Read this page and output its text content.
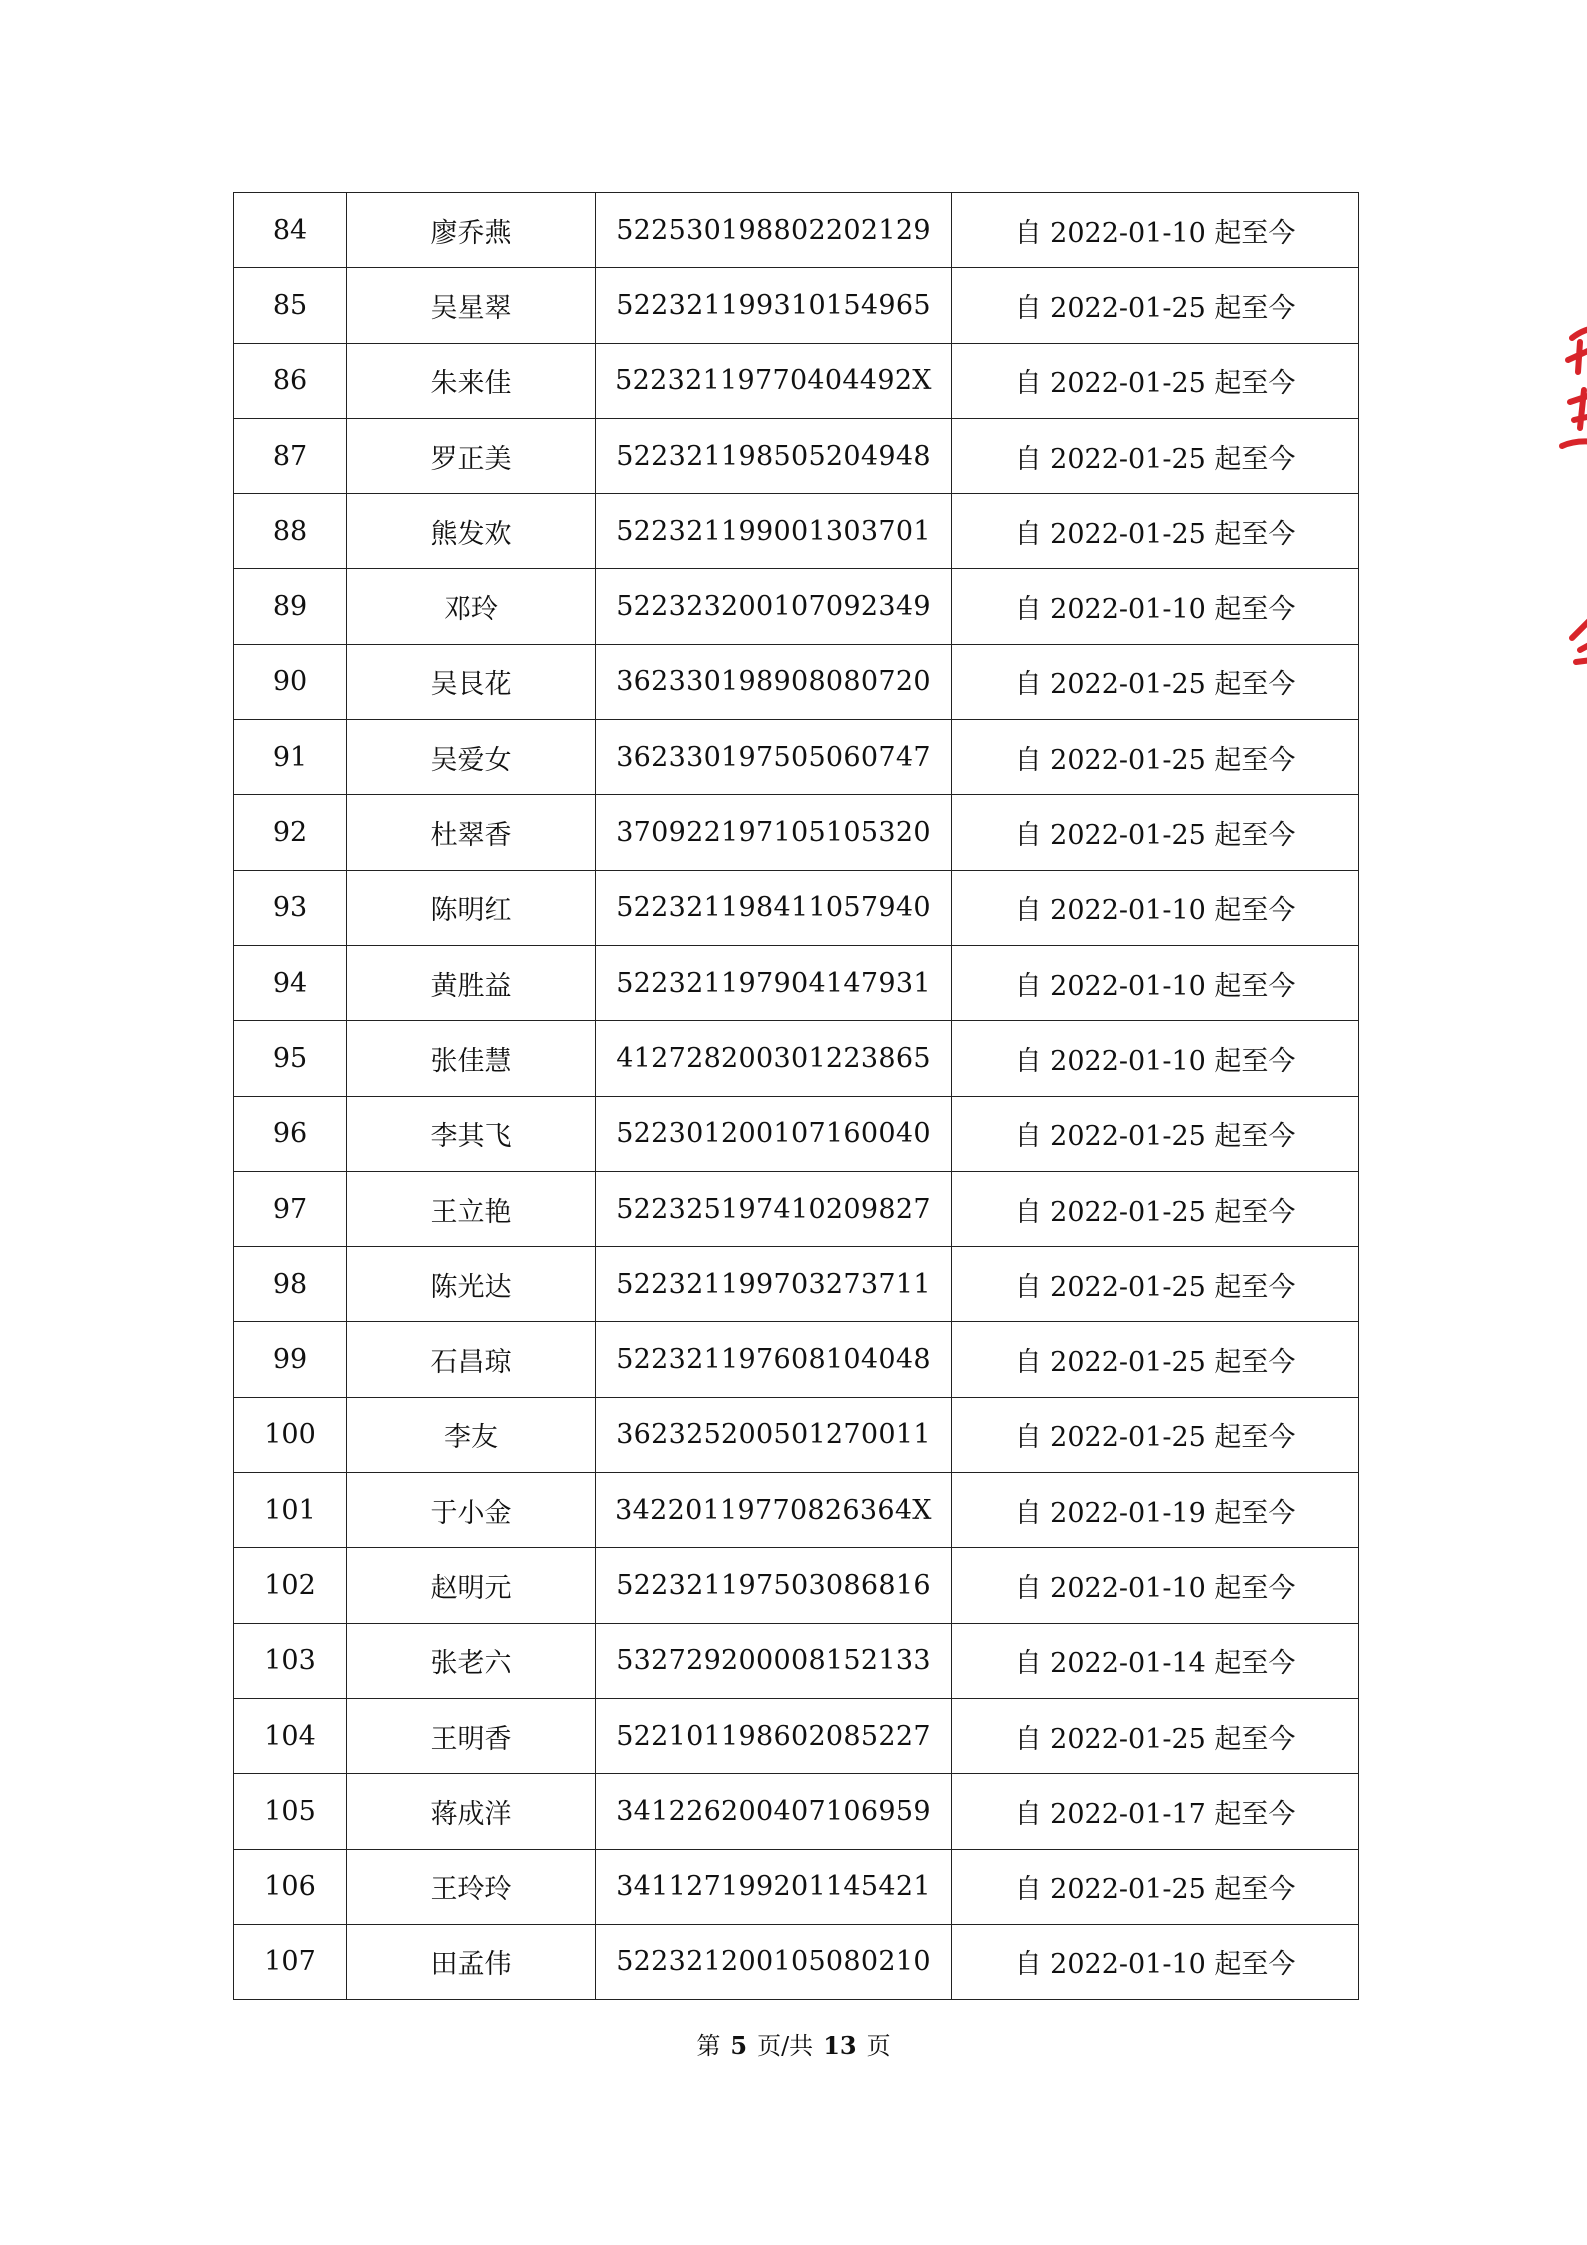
84	廖乔燕	522530198802202129	自 2022-01-10 起至今
85	吴星翠	522321199310154965	自 2022-01-25 起至今
86	朱来佳	52232119770404492X	自 2022-01-25 起至今
87	罗正美	522321198505204948	自 2022-01-25 起至今
88	熊发欢	522321199001303701	自 2022-01-25 起至今
89	邓玲	522323200107092349	自 2022-01-10 起至今
90	吴艮花	362330198908080720	自 2022-01-25 起至今
91	吴爱女	362330197505060747	自 2022-01-25 起至今
92	杜翠香	370922197105105320	自 2022-01-25 起至今
93	陈明红	522321198411057940	自 2022-01-10 起至今
94	黄胜益	522321197904147931	自 2022-01-10 起至今
95	张佳慧	412728200301223865	自 2022-01-10 起至今
96	李其飞	522301200107160040	自 2022-01-25 起至今
97	王立艳	522325197410209827	自 2022-01-25 起至今
98	陈光达	522321199703273711	自 2022-01-25 起至今
99	石昌琼	522321197608104048	自 2022-01-25 起至今
100	李友	362325200501270011	自 2022-01-25 起至今
101	于小金	34220119770826364X	自 2022-01-19 起至今
102	赵明元	522321197503086816	自 2022-01-10 起至今
103	张老六	532729200008152133	自 2022-01-14 起至今
104	王明香	522101198602085227	自 2022-01-25 起至今
105	蒋成洋	341226200407106959	自 2022-01-17 起至今
106	王玲玲	341127199201145421	自 2022-01-25 起至今
107	田孟伟	522321200105080210	自 2022-01-10 起至今
第 5 页/共 13 页
